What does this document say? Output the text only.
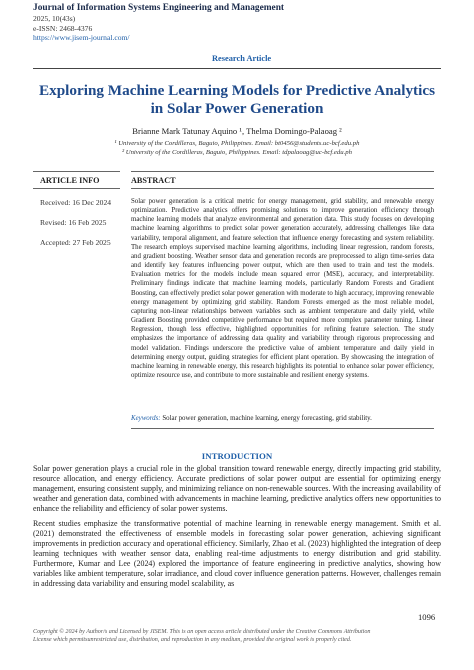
Journal of Information Systems Engineering and Management
2025, 10(43s)
e-ISSN: 2468-4376
https://www.jisem-journal.com/
Research Article
Exploring Machine Learning Models for Predictive Analytics in Solar Power Generation
Brianne Mark Tatunay Aquino ¹, Thelma Domingo-Palaoag ²
¹ University of the Cordilleras, Baguio, Philippines. Email: bt0456@students.uc-bcf.edu.ph
² University of the Cordilleras, Baguio, Philippines. Email: tdpalaoag@uc-bcf.edu.ph
ARTICLE INFO	ABSTRACT
Received: 16 Dec 2024
Revised: 16 Feb 2025
Accepted: 27 Feb 2025
Solar power generation is a critical metric for energy management, grid stability, and renewable energy optimization. Predictive analytics offers promising solutions to improve generation efficiency through machine learning models that analyze environmental and generation data. This study focuses on developing machine learning algorithms to predict solar power generation accurately, addressing challenges like data variability, temporal alignment, and feature selection that influence energy forecasting and system reliability. The research employs supervised machine learning algorithms, including linear regression, random forests, and gradient boosting. Weather sensor data and generation records are preprocessed to align time-series data and identify key features influencing power output, which are then used to train and test the models. Evaluation metrics for the models include mean squared error (MSE), accuracy, and interpretability. Preliminary findings indicate that machine learning models, particularly Random Forests and Gradient Boosting, can effectively predict solar power generation with moderate to high accuracy, improving renewable energy management by optimizing grid stability. Random Forests emerged as the most reliable model, capturing non-linear relationships between variables such as ambient temperature and daily yield, while Gradient Boosting provided competitive performance but required more complex parameter tuning. Linear Regression, though less effective, highlighted opportunities for refining feature selection. The study emphasizes the importance of addressing data quality and variability through rigorous preprocessing and model validation. Findings underscore the predictive value of ambient temperature and daily yield in determining energy output, guiding strategies for efficient plant operation. By showcasing the integration of machine learning in renewable energy, this research highlights its potential to enhance solar power efficiency, optimize resource use, and contribute to more sustainable and resilient energy systems.
Keywords: Solar power generation, machine learning, energy forecasting, grid stability.
INTRODUCTION
Solar power generation plays a crucial role in the global transition toward renewable energy, directly impacting grid stability, resource allocation, and energy efficiency. Accurate predictions of solar power output are essential for optimizing energy management, ensuring consistent supply, and minimizing reliance on non-renewable sources. With the increasing availability of weather and generation data, combined with advancements in machine learning, predictive analytics offers new opportunities to enhance the reliability and efficiency of solar power systems.
Recent studies emphasize the transformative potential of machine learning in renewable energy management. Smith et al. (2021) demonstrated the effectiveness of ensemble models in forecasting solar power generation, achieving significant improvements in prediction accuracy and operational efficiency. Similarly, Zhao et al. (2023) highlighted the integration of deep learning techniques with weather sensor data, enabling real-time adjustments to energy distribution and grid stability. Furthermore, Kumar and Lee (2024) explored the importance of feature engineering in predictive analytics, showing how variables like ambient temperature, solar irradiance, and cloud cover influence generation patterns. However, challenges remain in addressing data variability and ensuring model scalability, as
1096
Copyright © 2024 by Author/s and Licensed by JISEM. This is an open access article distributed under the Creative Commons Attribution
License which permitsunrestricted use, distribution, and reproduction in any medium, provided the original work is properly cited.
